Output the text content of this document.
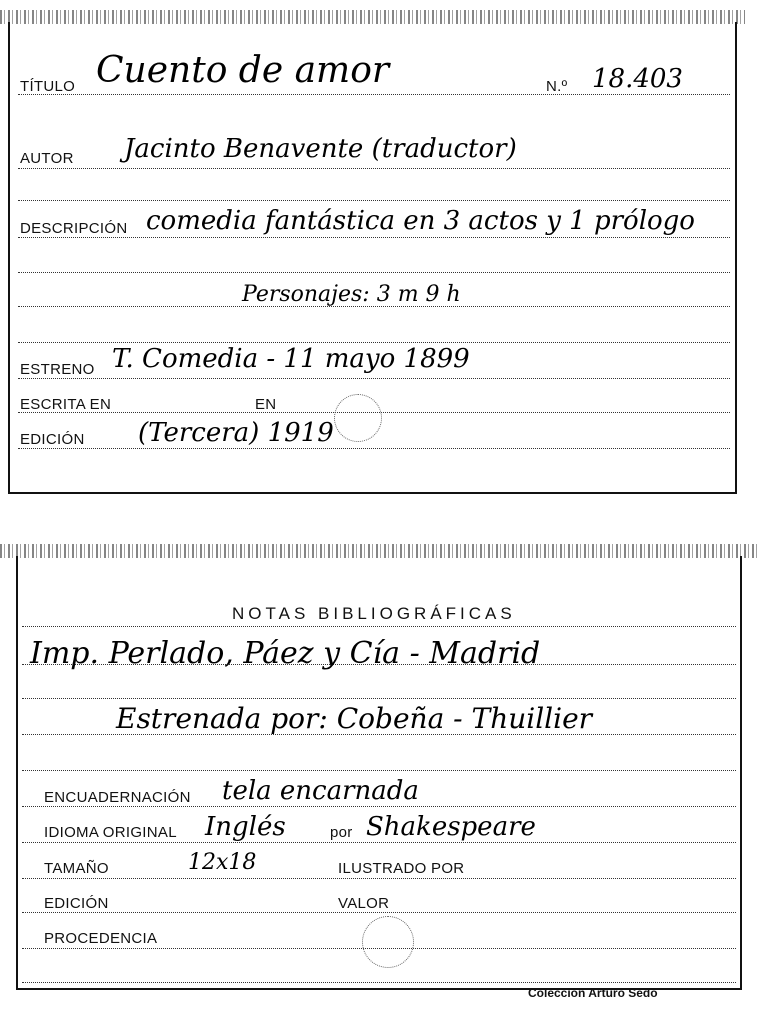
TÍTULO Cuento de amor	N.º 18.403
AUTOR Jacinto Benavente (traductor)
DESCRIPCIÓN comedia fantástica en 3 actos y 1 prólogo
Personajes: 3 m 9 h
ESTRENO T. Comedia - 11 mayo 1899
ESCRITA EN	EN
EDICIÓN (Tercera) 1919
NOTAS BIBLIOGRÁFICAS
Imp. Perlado, Páez y Cía - Madrid
Estrenada por: Cobeña - Thuillier
ENCUADERNACIÓN tela encarnada
IDIOMA ORIGINAL Inglés	por Shakespeare
TAMAÑO	12x18	ILUSTRADO POR
EDICIÓN	VALOR
PROCEDENCIA
Colección Arturo Sedó
